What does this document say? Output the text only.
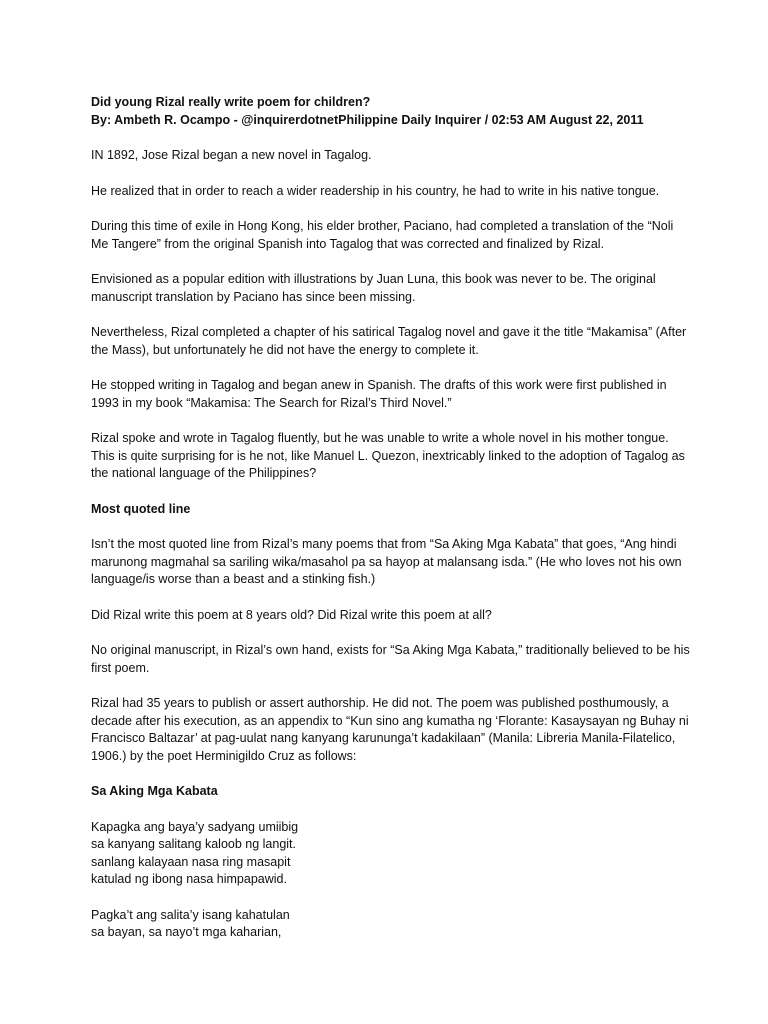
Did young Rizal really write poem for children?
By: Ambeth R. Ocampo - @inquirerdotnetPhilippine Daily Inquirer / 02:53 AM August 22, 2011

IN 1892, Jose Rizal began a new novel in Tagalog.

He realized that in order to reach a wider readership in his country, he had to write in his native tongue.

During this time of exile in Hong Kong, his elder brother, Paciano, had completed a translation of the “Noli Me Tangere” from the original Spanish into Tagalog that was corrected and finalized by Rizal.

Envisioned as a popular edition with illustrations by Juan Luna, this book was never to be. The original manuscript translation by Paciano has since been missing.

Nevertheless, Rizal completed a chapter of his satirical Tagalog novel and gave it the title “Makamisa” (After the Mass), but unfortunately he did not have the energy to complete it.

He stopped writing in Tagalog and began anew in Spanish. The drafts of this work were first published in 1993 in my book “Makamisa: The Search for Rizal’s Third Novel.”

Rizal spoke and wrote in Tagalog fluently, but he was unable to write a whole novel in his mother tongue. This is quite surprising for is he not, like Manuel L. Quezon, inextricably linked to the adoption of Tagalog as the national language of the Philippines?

Most quoted line

Isn’t the most quoted line from Rizal’s many poems that from “Sa Aking Mga Kabata” that goes, “Ang hindi marunong magmahal sa sariling wika/masahol pa sa hayop at malansang isda.” (He who loves not his own language/is worse than a beast and a stinking fish.)

Did Rizal write this poem at 8 years old? Did Rizal write this poem at all?

No original manuscript, in Rizal’s own hand, exists for “Sa Aking Mga Kabata,” traditionally believed to be his first poem.

Rizal had 35 years to publish or assert authorship. He did not. The poem was published posthumously, a decade after his execution, as an appendix to “Kun sino ang kumatha ng ‘Florante: Kasaysayan ng Buhay ni Francisco Baltazar’ at pag-uulat nang kanyang karununga’t kadakilaan” (Manila: Libreria Manila-Filatelico, 1906.) by the poet Herminigildo Cruz as follows:

Sa Aking Mga Kabata
Kapagka ang baya’y sadyang umiibig
sa kanyang salitang kaloob ng langit.
sanlang kalayaan nasa ring masapit
katulad ng ibong nasa himpapawid.
Pagka’t ang salita’y isang kahatulan
sa bayan, sa nayo’t mga kaharian,
